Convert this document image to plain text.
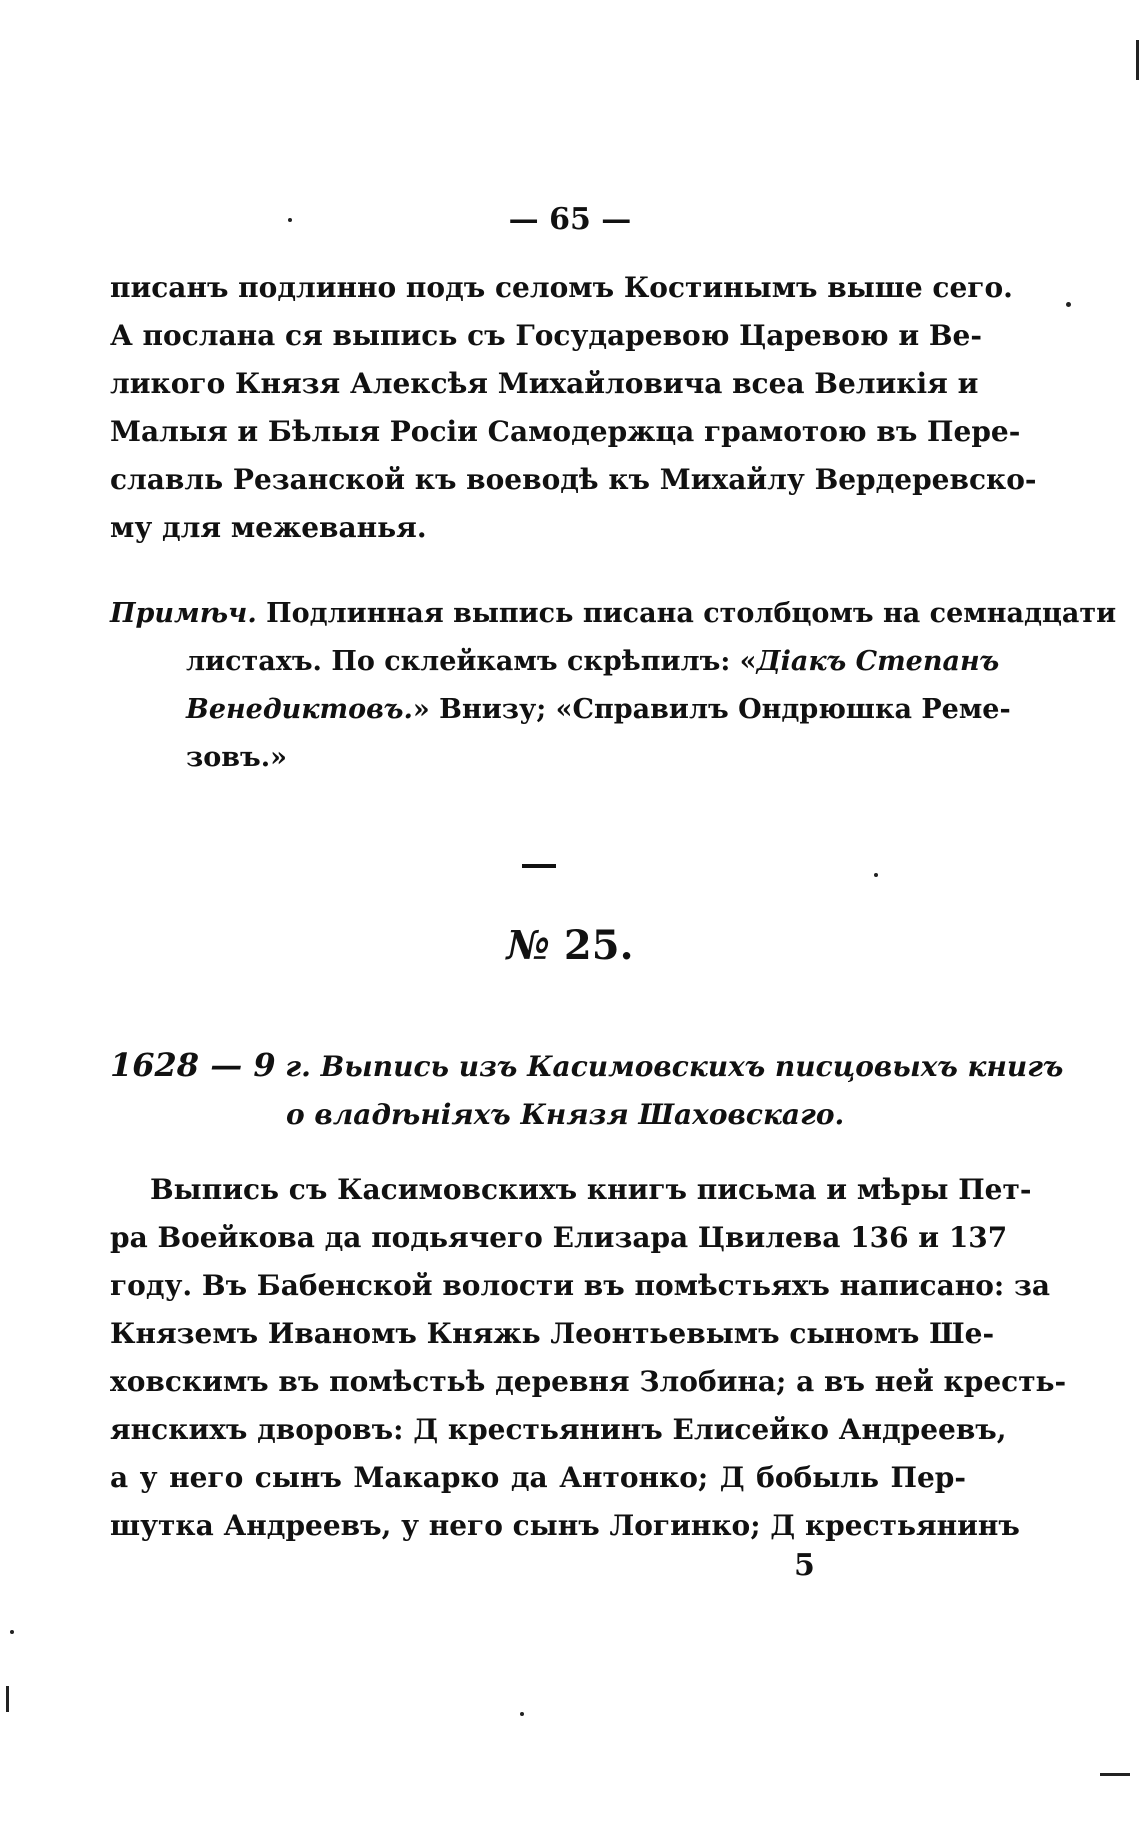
— 65 —
писанъ подлинно подъ селомъ Костинымъ выше сего.
А послана ся выпись съ Государевою Царевою и Ве-
ликого Князя Алексѣя Михайловича всеа Великія и
Малыя и Бѣлыя Росіи Самодержца грамотою въ Пере-
славль Резанской къ воеводѣ къ Михайлу Вердеревско-
му для межеванья.
Примѣч. Подлинная выпись писана столбцомъ на семнадцати
листахъ. По склейкамъ скрѣпилъ: «Діакъ Степанъ
Венедиктовъ.» Внизу; «Справилъ Ондрюшка Реме-
зовъ.»
№ 25.
1628 — 9 г. Выпись изъ Касимовскихъ писцовыхъ книгъ
о владѣніяхъ Князя Шаховскаго.
Выпись съ Касимовскихъ книгъ письма и мѣры Пет-
ра Воейкова да подьячего Елизара Цвилева 136 и 137
году. Въ Бабенской волости въ помѣстьяхъ написано: за
Княземъ Иваномъ Княжь Леонтьевымъ сыномъ Ше-
ховскимъ въ помѣстьѣ деревня Злобина; а въ ней кресть-
янскихъ дворовъ: Д крестьянинъ Елисейко Андреевъ,
а у него сынъ Макарко да Антонко; Д бобыль Пер-
шутка Андреевъ, у него сынъ Логинко; Д крестьянинъ
5
